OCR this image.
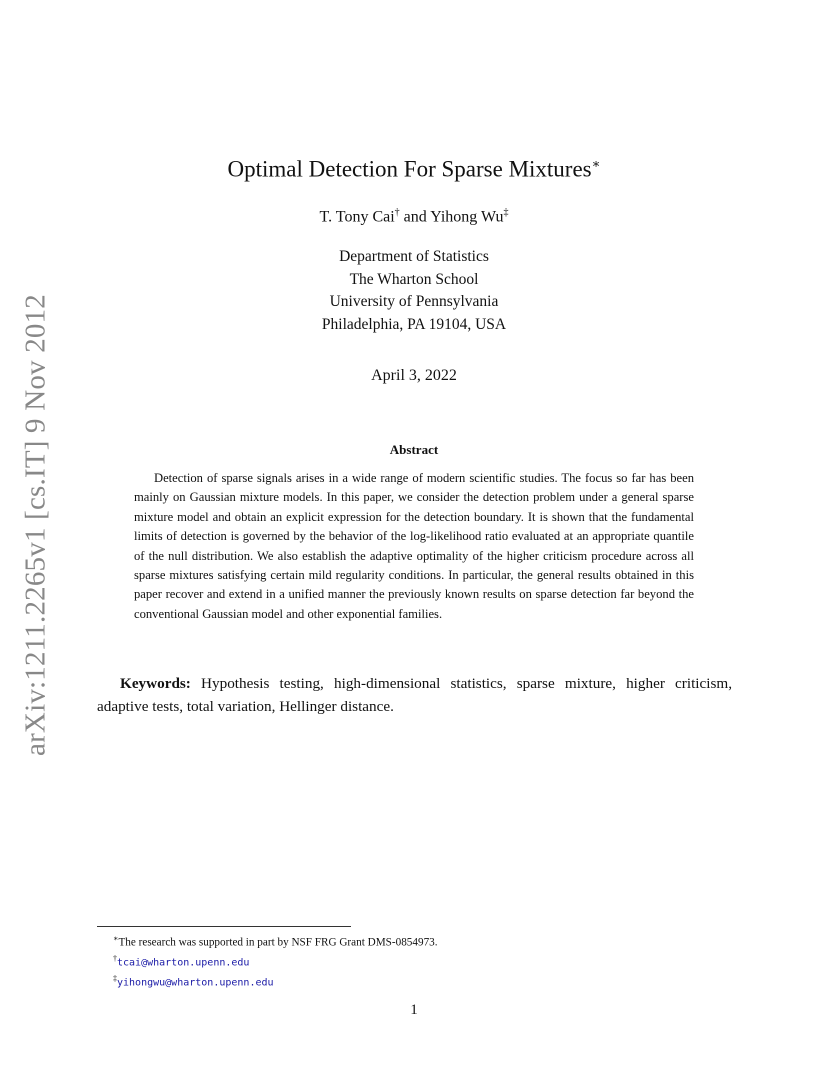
arXiv:1211.2265v1 [cs.IT] 9 Nov 2012
Optimal Detection For Sparse Mixtures∗
T. Tony Cai† and Yihong Wu‡
Department of Statistics
The Wharton School
University of Pennsylvania
Philadelphia, PA 19104, USA
April 3, 2022
Abstract

Detection of sparse signals arises in a wide range of modern scientific studies. The focus so far has been mainly on Gaussian mixture models. In this paper, we consider the detection problem under a general sparse mixture model and obtain an explicit expression for the detection boundary. It is shown that the fundamental limits of detection is governed by the behavior of the log-likelihood ratio evaluated at an appropriate quantile of the null distribution. We also establish the adaptive optimality of the higher criticism procedure across all sparse mixtures satisfying certain mild regularity conditions. In particular, the general results obtained in this paper recover and extend in a unified manner the previously known results on sparse detection far beyond the conventional Gaussian model and other exponential families.

Keywords: Hypothesis testing, high-dimensional statistics, sparse mixture, higher criticism, adaptive tests, total variation, Hellinger distance.

∗The research was supported in part by NSF FRG Grant DMS-0854973.
†tcai@wharton.upenn.edu
‡yihongwu@wharton.upenn.edu
1
